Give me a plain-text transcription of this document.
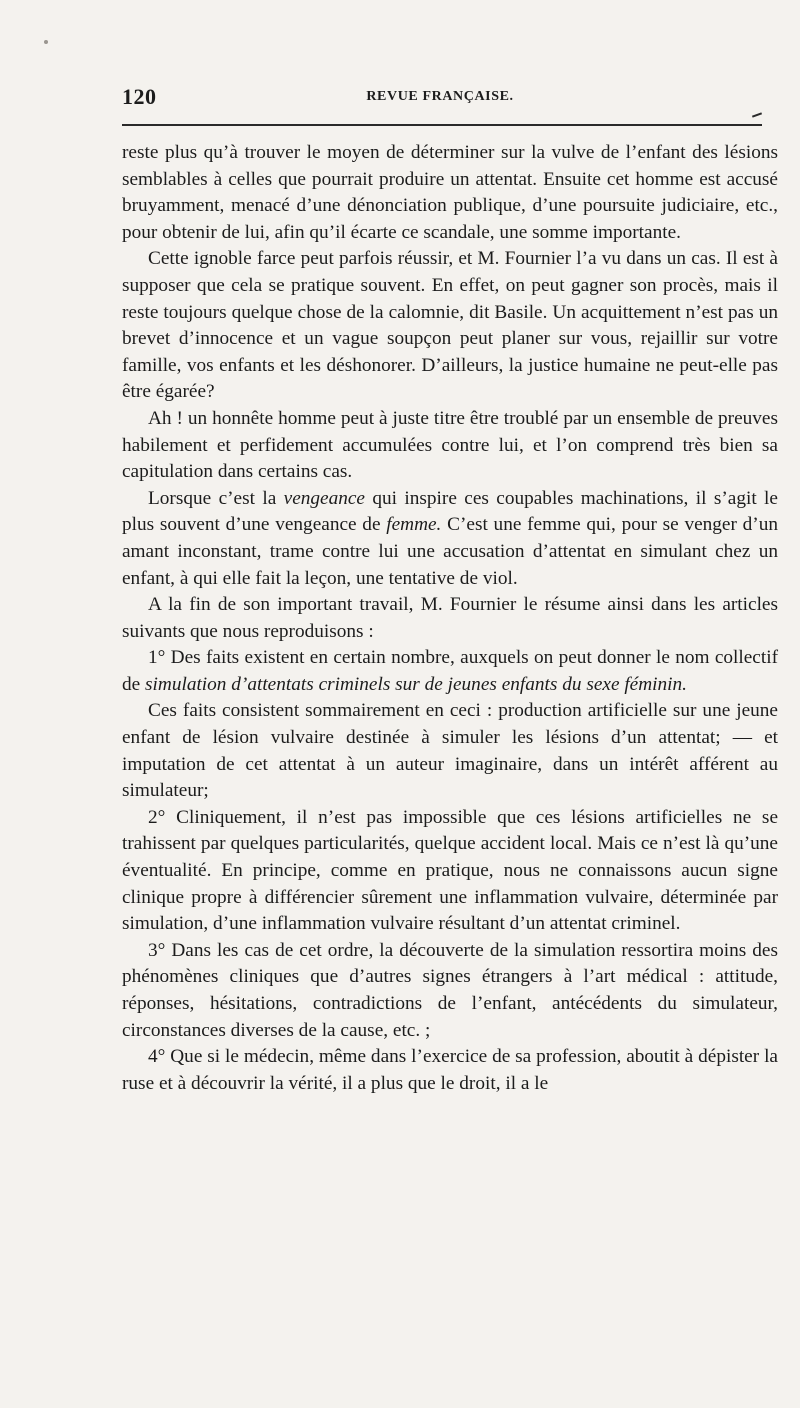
120	REVUE FRANÇAISE.

reste plus qu’à trouver le moyen de déterminer sur la vulve de l’enfant des lésions semblables à celles que pourrait produire un attentat. Ensuite cet homme est accusé bruyamment, menacé d’une dénonciation publique, d’une poursuite judiciaire, etc., pour obtenir de lui, afin qu’il écarte ce scandale, une somme importante.

Cette ignoble farce peut parfois réussir, et M. Fournier l’a vu dans un cas. Il est à supposer que cela se pratique souvent. En effet, on peut gagner son procès, mais il reste toujours quelque chose de la calomnie, dit Basile. Un acquittement n’est pas un brevet d’innocence et un vague soupçon peut planer sur vous, rejaillir sur votre famille, vos enfants et les déshonorer. D’ailleurs, la justice humaine ne peut-elle pas être égarée?

Ah ! un honnête homme peut à juste titre être troublé par un ensemble de preuves habilement et perfidement accumulées contre lui, et l’on comprend très bien sa capitulation dans certains cas.

Lorsque c’est la vengeance qui inspire ces coupables machinations, il s’agit le plus souvent d’une vengeance de femme. C’est une femme qui, pour se venger d’un amant inconstant, trame contre lui une accusation d’attentat en simulant chez un enfant, à qui elle fait la leçon, une tentative de viol.

A la fin de son important travail, M. Fournier le résume ainsi dans les articles suivants que nous reproduisons :

1° Des faits existent en certain nombre, auxquels on peut donner le nom collectif de simulation d’attentats criminels sur de jeunes enfants du sexe féminin.

Ces faits consistent sommairement en ceci : production artificielle sur une jeune enfant de lésion vulvaire destinée à simuler les lésions d’un attentat; — et imputation de cet attentat à un auteur imaginaire, dans un intérêt afférent au simulateur;

2° Cliniquement, il n’est pas impossible que ces lésions artificielles ne se trahissent par quelques particularités, quelque accident local. Mais ce n’est là qu’une éventualité. En principe, comme en pratique, nous ne connaissons aucun signe clinique propre à différencier sûrement une inflammation vulvaire, déterminée par simulation, d’une inflammation vulvaire résultant d’un attentat criminel.

3° Dans les cas de cet ordre, la découverte de la simulation ressortira moins des phénomènes cliniques que d’autres signes étrangers à l’art médical : attitude, réponses, hésitations, contradictions de l’enfant, antécédents du simulateur, circonstances diverses de la cause, etc. ;

4° Que si le médecin, même dans l’exercice de sa profession, aboutit à dépister la ruse et à découvrir la vérité, il a plus que le droit, il a le
